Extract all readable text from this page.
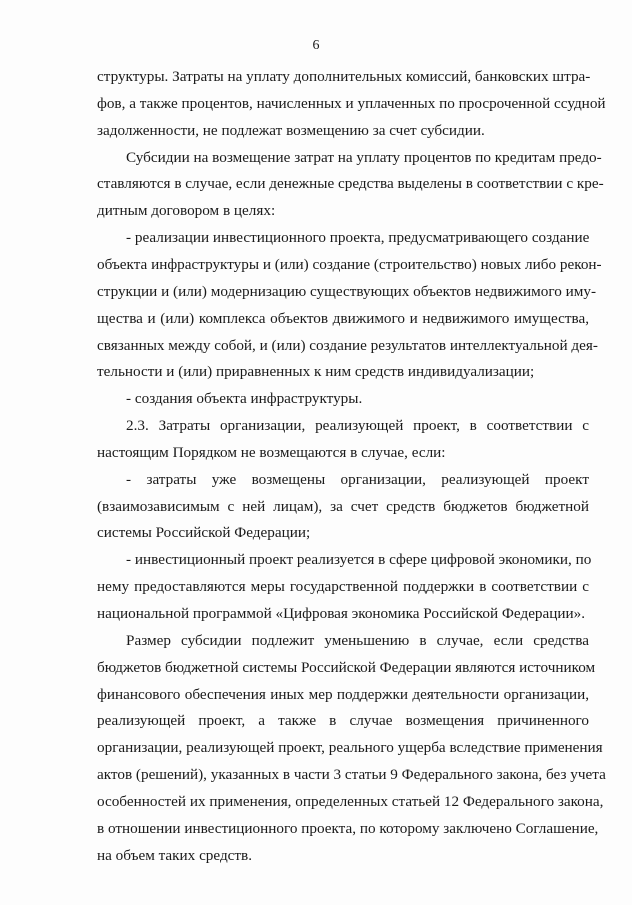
6
структуры. Затраты на уплату дополнительных комиссий, банковских штра-
фов, а также процентов, начисленных и уплаченных по просроченной ссудной
задолженности, не подлежат возмещению за счет субсидии.
Субсидии на возмещение затрат на уплату процентов по кредитам предо-
ставляются в случае, если денежные средства выделены в соответствии с кре-
дитным договором в целях:
- реализации инвестиционного проекта, предусматривающего создание
объекта инфраструктуры и (или) создание (строительство) новых либо рекон-
струкции и (или) модернизацию существующих объектов недвижимого иму-
щества и (или) комплекса объектов движимого и недвижимого имущества,
связанных между собой, и (или) создание результатов интеллектуальной дея-
тельности и (или) приравненных к ним средств индивидуализации;
- создания объекта инфраструктуры.
2.3. Затраты организации, реализующей проект, в соответствии с
настоящим Порядком не возмещаются в случае, если:
- затраты уже возмещены организации, реализующей проект
(взаимозависимым с ней лицам), за счет средств бюджетов бюджетной
системы Российской Федерации;
- инвестиционный проект реализуется в сфере цифровой экономики, по
нему предоставляются меры государственной поддержки в соответствии с
национальной программой «Цифровая экономика Российской Федерации».
Размер субсидии подлежит уменьшению в случае, если средства
бюджетов бюджетной системы Российской Федерации являются источником
финансового обеспечения иных мер поддержки деятельности организации,
реализующей проект, а также в случае возмещения причиненного
организации, реализующей проект, реального ущерба вследствие применения
актов (решений), указанных в части 3 статьи 9 Федерального закона, без учета
особенностей их применения, определенных статьей 12 Федерального закона,
в отношении инвестиционного проекта, по которому заключено Соглашение,
на объем таких средств.
